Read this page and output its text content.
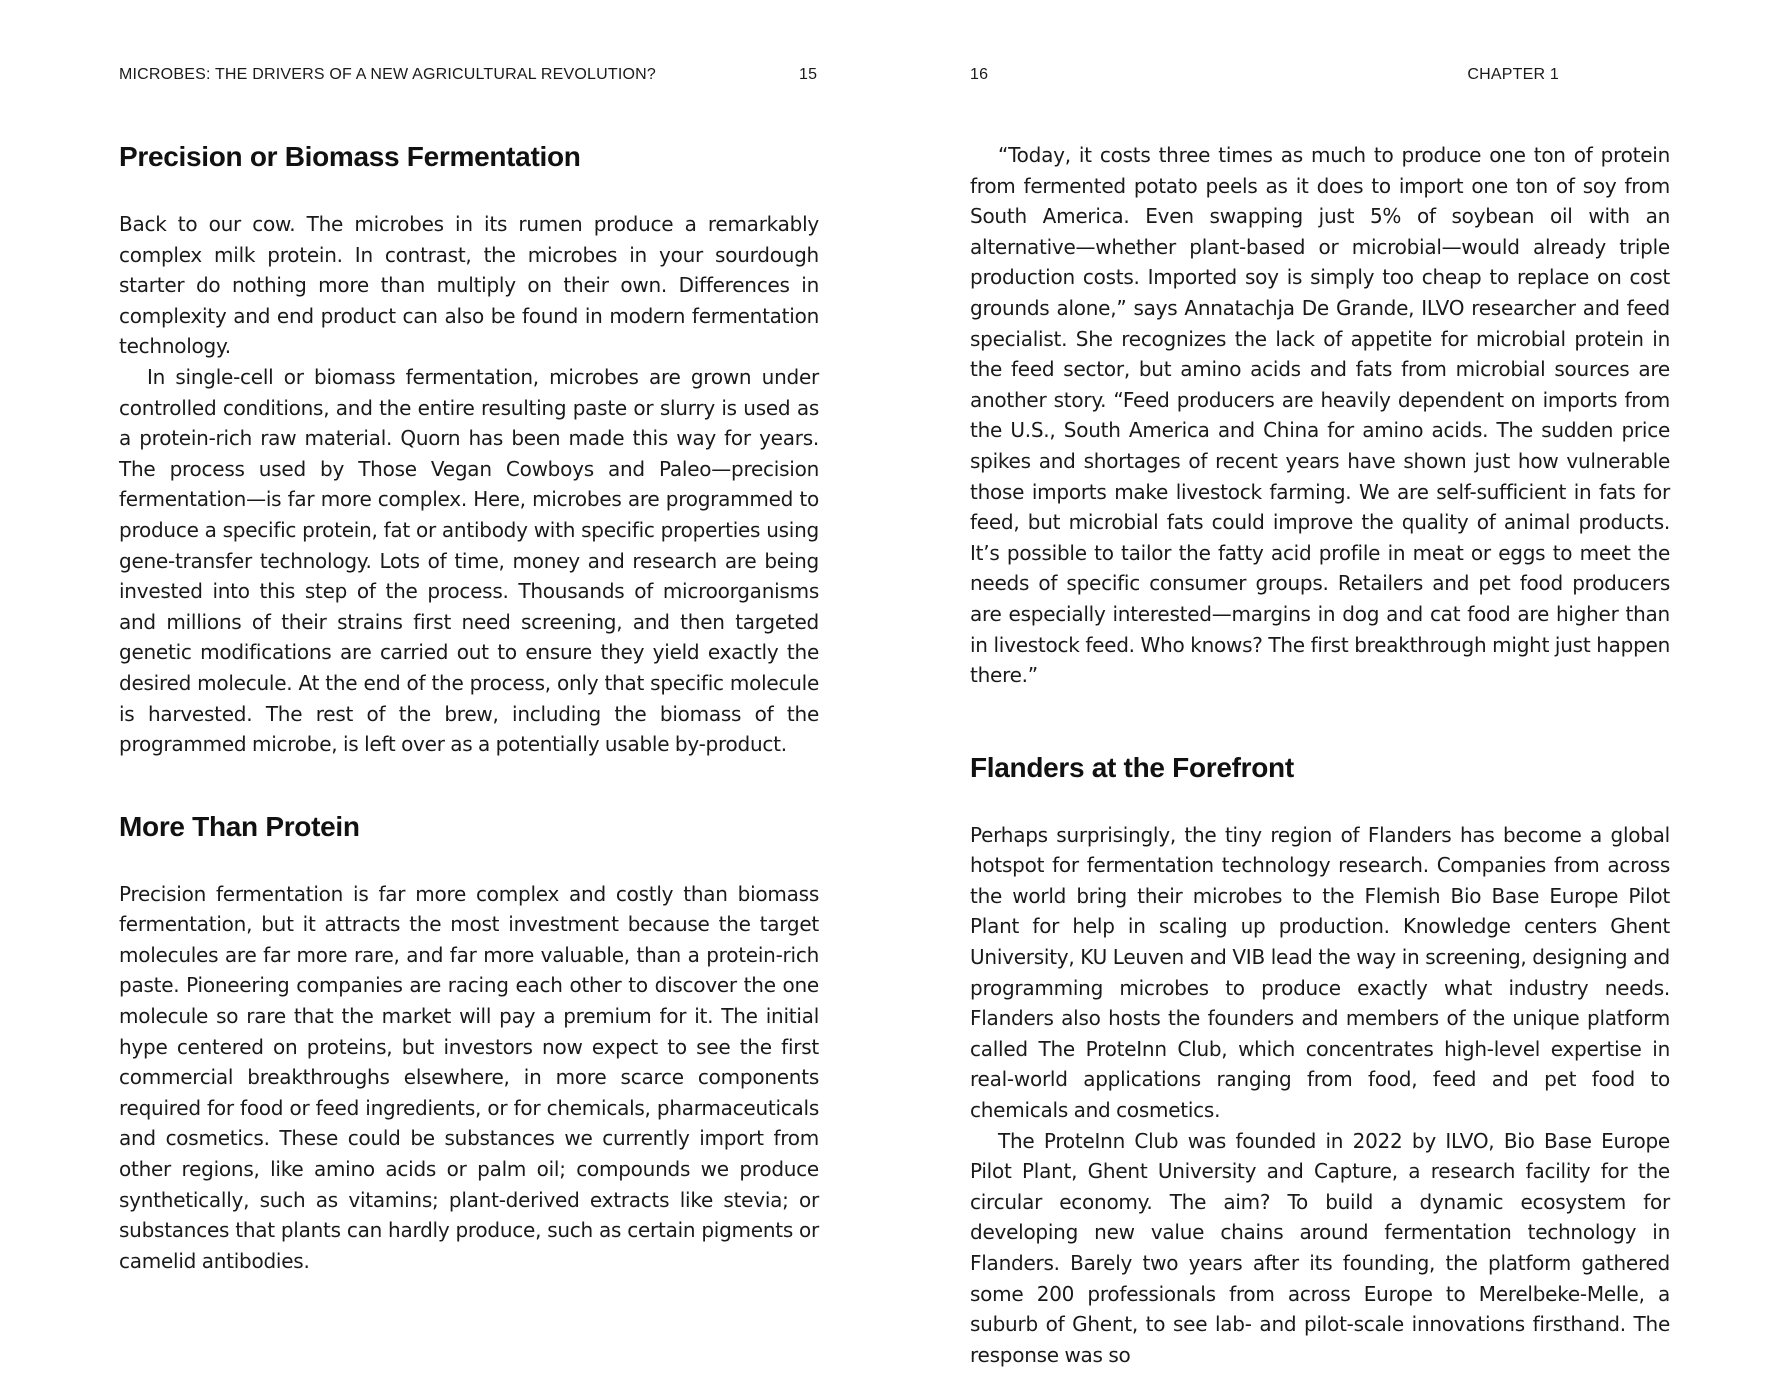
MICROBES: THE DRIVERS OF A NEW AGRICULTURAL REVOLUTION?	15
Precision or Biomass Fermentation

Back to our cow. The microbes in its rumen produce a remarkably complex milk protein. In contrast, the microbes in your sourdough starter do nothing more than multiply on their own. Differences in complexity and end product can also be found in modern fermentation technology.

In single-cell or biomass fermentation, microbes are grown under controlled conditions, and the entire resulting paste or slurry is used as a protein-rich raw material. Quorn has been made this way for years. The process used by Those Vegan Cowboys and Paleo—precision fermentation—is far more complex. Here, microbes are programmed to produce a specific protein, fat or antibody with specific properties using gene-transfer technology. Lots of time, money and research are being invested into this step of the process. Thousands of microorganisms and millions of their strains first need screening, and then targeted genetic modifications are carried out to ensure they yield exactly the desired molecule. At the end of the process, only that specific molecule is harvested. The rest of the brew, including the biomass of the programmed microbe, is left over as a potentially usable by-product.

More Than Protein

Precision fermentation is far more complex and costly than biomass fermentation, but it attracts the most investment because the target molecules are far more rare, and far more valuable, than a protein-rich paste. Pioneering companies are racing each other to discover the one molecule so rare that the market will pay a premium for it. The initial hype centered on proteins, but investors now expect to see the first commercial breakthroughs elsewhere, in more scarce components required for food or feed ingredients, or for chemicals, pharmaceuticals and cosmetics. These could be substances we currently import from other regions, like amino acids or palm oil; compounds we produce synthetically, such as vitamins; plant-derived extracts like stevia; or substances that plants can hardly produce, such as certain pigments or camelid antibodies.

16	CHAPTER 1

“Today, it costs three times as much to produce one ton of protein from fermented potato peels as it does to import one ton of soy from South America. Even swapping just 5% of soybean oil with an alternative—whether plant-based or microbial—would already triple production costs. Imported soy is simply too cheap to replace on cost grounds alone,” says Annatachja De Grande, ILVO researcher and feed specialist. She recognizes the lack of appetite for microbial protein in the feed sector, but amino acids and fats from microbial sources are another story. “Feed producers are heavily dependent on imports from the U.S., South America and China for amino acids. The sudden price spikes and shortages of recent years have shown just how vulnerable those imports make livestock farming. We are self-sufficient in fats for feed, but microbial fats could improve the quality of animal products. It’s possible to tailor the fatty acid profile in meat or eggs to meet the needs of specific consumer groups. Retailers and pet food producers are especially interested—margins in dog and cat food are higher than in livestock feed. Who knows? The first breakthrough might just happen there.”

Flanders at the Forefront

Perhaps surprisingly, the tiny region of Flanders has become a global hotspot for fermentation technology research. Companies from across the world bring their microbes to the Flemish Bio Base Europe Pilot Plant for help in scaling up production. Knowledge centers Ghent University, KU Leuven and VIB lead the way in screening, designing and programming microbes to produce exactly what industry needs. Flanders also hosts the founders and members of the unique platform called The ProteInn Club, which concentrates high-level expertise in real-world applications ranging from food, feed and pet food to chemicals and cosmetics.

The ProteInn Club was founded in 2022 by ILVO, Bio Base Europe Pilot Plant, Ghent University and Capture, a research facility for the circular economy. The aim? To build a dynamic ecosystem for developing new value chains around fermentation technology in Flanders. Barely two years after its founding, the platform gathered some 200 professionals from across Europe to Merelbeke-Melle, a suburb of Ghent, to see lab- and pilot-scale innovations firsthand. The response was so
